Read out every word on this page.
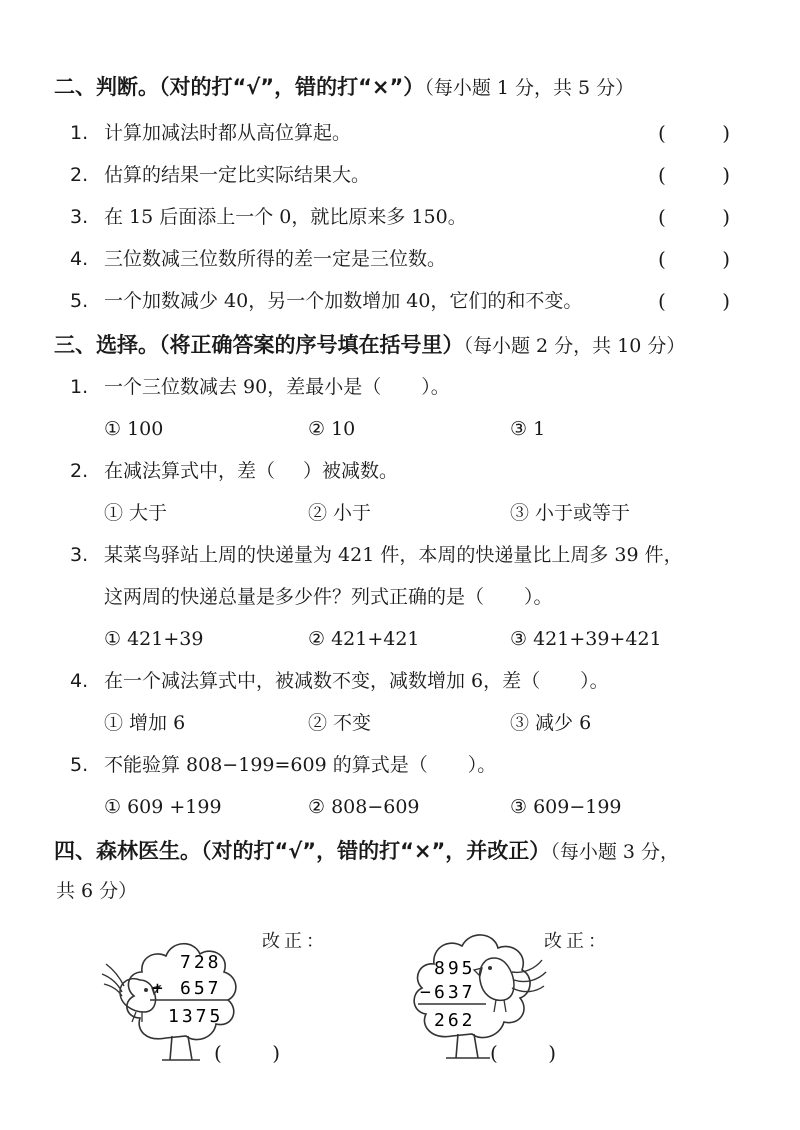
二、判断。（对的打“√”，错的打“×”）（每小题 1 分，共 5 分）
1. 计算加减法时都从高位算起。	(	)
2. 估算的结果一定比实际结果大。	(	)
3. 在 15 后面添上一个 0，就比原来多 150。	(	)
4. 三位数减三位数所得的差一定是三位数。	(	)
5. 一个加数减少 40，另一个加数增加 40，它们的和不变。	(	)
三、选择。（将正确答案的序号填在括号里）（每小题 2 分，共 10 分）
1. 一个三位数减去 90，差最小是（ ）。
① 100	② 10	③ 1
2. 在减法算式中，差（ ）被减数。
① 大于	② 小于	③ 小于或等于
3. 某菜鸟驿站上周的快递量为 421 件，本周的快递量比上周多 39 件，
这两周的快递总量是多少件？列式正确的是（ ）。
① 421+39	② 421+421	③ 421+39+421
4. 在一个减法算式中，被减数不变，减数增加 6，差（ ）。
① 增加 6	② 不变	③ 减少 6
5. 不能验算 808−199=609 的算式是（ ）。
① 609 +199	② 808−609	③ 609−199
四、森林医生。（对的打“√”，错的打“×”，并改正）（每小题 3 分，
共 6 分）
728
+ 657
1375
改正：
(	)
895
− 637
262
改正：
(	)
